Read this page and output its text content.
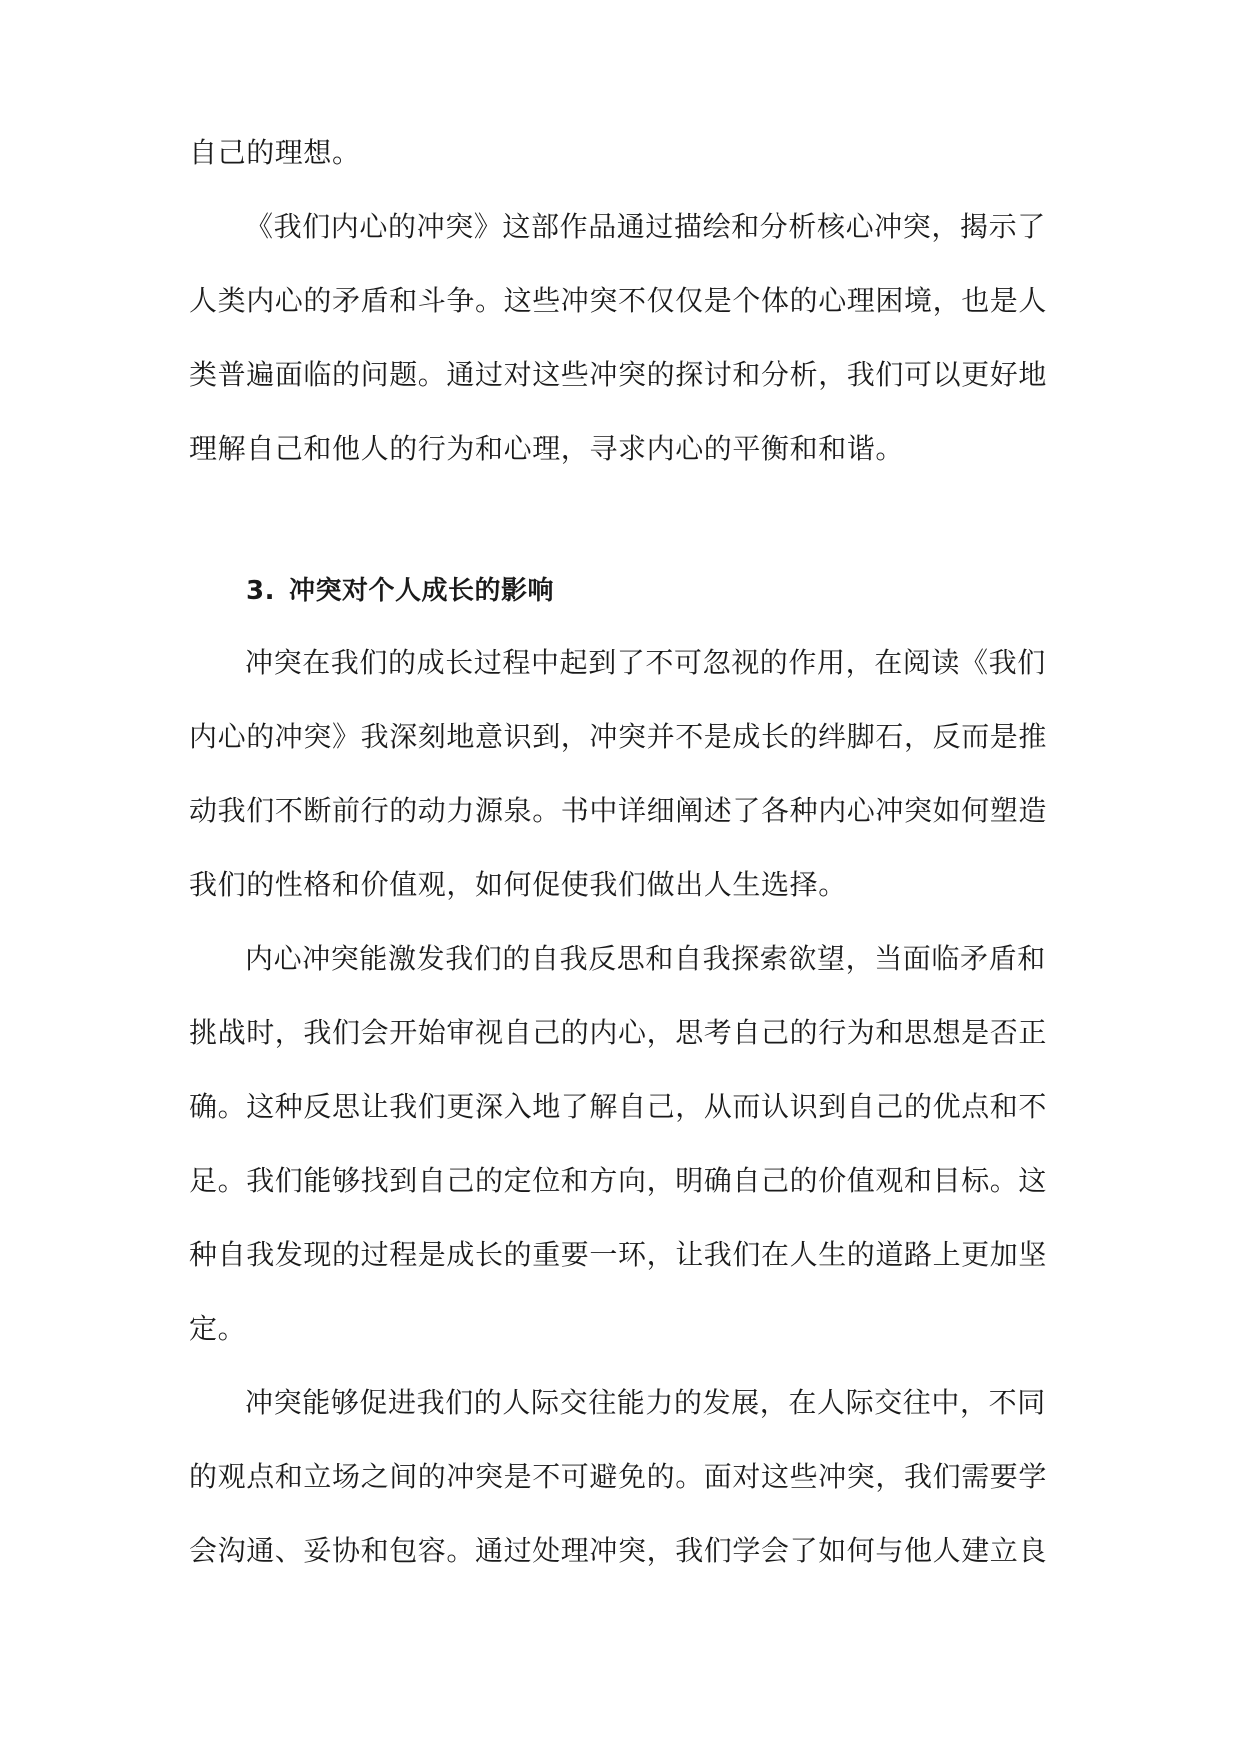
自己的理想。
《我们内心的冲突》这部作品通过描绘和分析核心冲突，揭示了
人类内心的矛盾和斗争。这些冲突不仅仅是个体的心理困境，也是人
类普遍面临的问题。通过对这些冲突的探讨和分析，我们可以更好地
理解自己和他人的行为和心理，寻求内心的平衡和和谐。
3. 冲突对个人成长的影响
冲突在我们的成长过程中起到了不可忽视的作用，在阅读《我们
内心的冲突》我深刻地意识到，冲突并不是成长的绊脚石，反而是推
动我们不断前行的动力源泉。书中详细阐述了各种内心冲突如何塑造
我们的性格和价值观，如何促使我们做出人生选择。
内心冲突能激发我们的自我反思和自我探索欲望，当面临矛盾和
挑战时，我们会开始审视自己的内心，思考自己的行为和思想是否正
确。这种反思让我们更深入地了解自己，从而认识到自己的优点和不
足。我们能够找到自己的定位和方向，明确自己的价值观和目标。这
种自我发现的过程是成长的重要一环，让我们在人生的道路上更加坚
定。
冲突能够促进我们的人际交往能力的发展，在人际交往中，不同
的观点和立场之间的冲突是不可避免的。面对这些冲突，我们需要学
会沟通、妥协和包容。通过处理冲突，我们学会了如何与他人建立良
